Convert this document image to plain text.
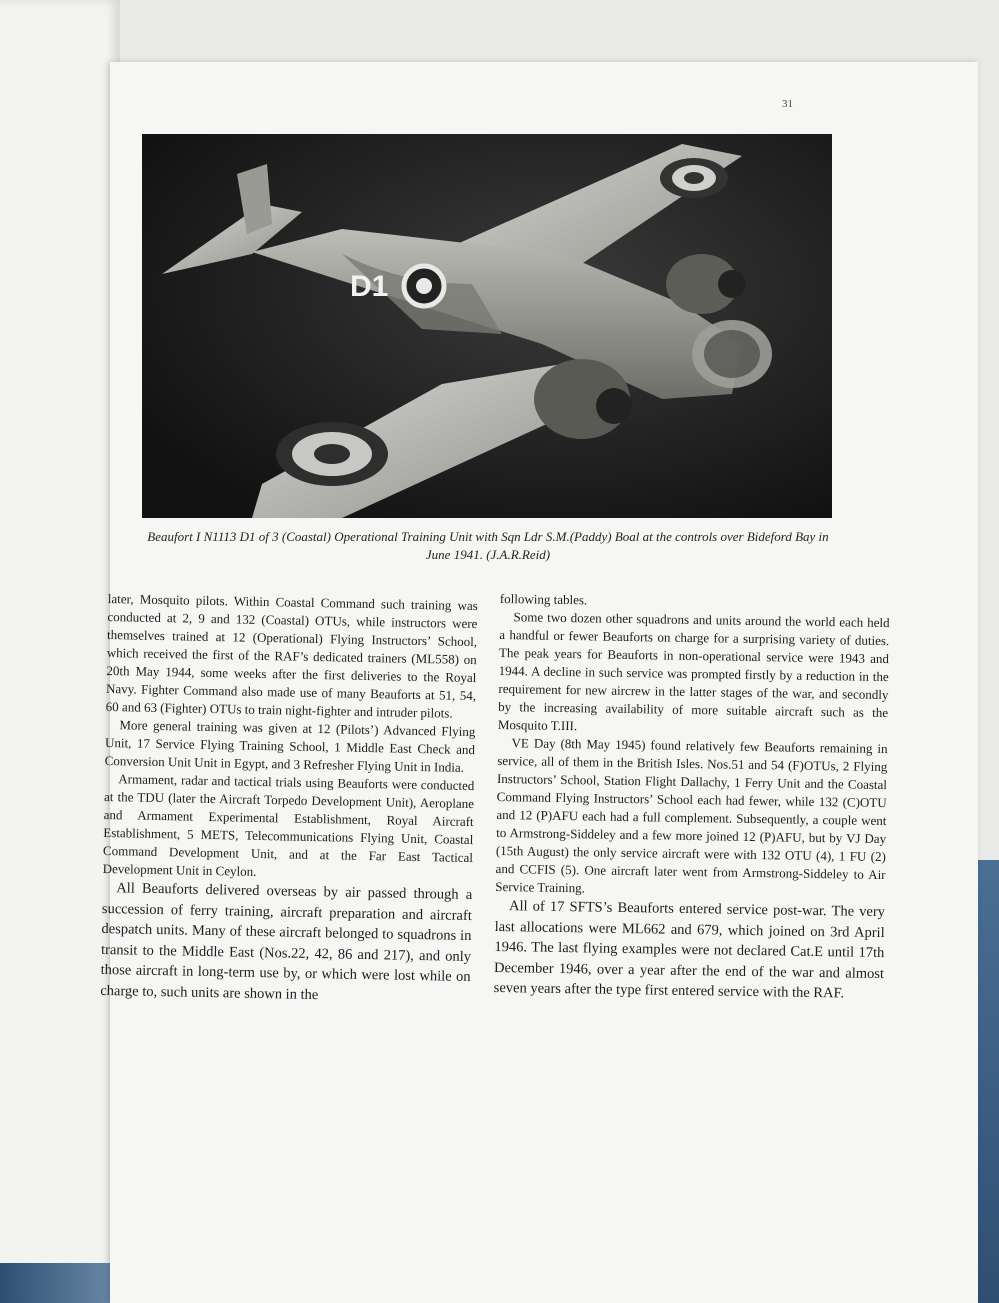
31
D1
Beaufort I N1113 D1 of 3 (Coastal) Operational Training Unit with Sqn Ldr S.M.(Paddy) Boal at the controls over Bideford Bay in June 1941. (J.A.R.Reid)

later, Mosquito pilots. Within Coastal Command such training was conducted at 2, 9 and 132 (Coastal) OTUs, while instructors were themselves trained at 12 (Operational) Flying Instructors’ School, which received the first of the RAF’s dedicated trainers (ML558) on 20th May 1944, some weeks after the first deliveries to the Royal Navy. Fighter Command also made use of many Beauforts at 51, 54, 60 and 63 (Fighter) OTUs to train night-fighter and intruder pilots.

More general training was given at 12 (Pilots’) Advanced Flying Unit, 17 Service Flying Training School, 1 Middle East Check and Conversion Unit Unit in Egypt, and 3 Refresher Flying Unit in India.

Armament, radar and tactical trials using Beauforts were conducted at the TDU (later the Aircraft Torpedo Development Unit), Aeroplane and Armament Experimental Establishment, Royal Aircraft Establishment, 5 METS, Telecommunications Flying Unit, Coastal Command Development Unit, and at the Far East Tactical Development Unit in Ceylon.

All Beauforts delivered overseas by air passed through a succession of ferry training, aircraft preparation and aircraft despatch units. Many of these aircraft belonged to squadrons in transit to the Middle East (Nos.22, 42, 86 and 217), and only those aircraft in long-term use by, or which were lost while on charge to, such units are shown in the

following tables.

Some two dozen other squadrons and units around the world each held a handful or fewer Beauforts on charge for a surprising variety of duties. The peak years for Beauforts in non-operational service were 1943 and 1944. A decline in such service was prompted firstly by a reduction in the requirement for new aircrew in the latter stages of the war, and secondly by the increasing availability of more suitable aircraft such as the Mosquito T.III.

VE Day (8th May 1945) found relatively few Beauforts remaining in service, all of them in the British Isles. Nos.51 and 54 (F)OTUs, 2 Flying Instructors’ School, Station Flight Dallachy, 1 Ferry Unit and the Coastal Command Flying Instructors’ School each had fewer, while 132 (C)OTU and 12 (P)AFU each had a full complement. Subsequently, a couple went to Armstrong-Siddeley and a few more joined 12 (P)AFU, but by VJ Day (15th August) the only service aircraft were with 132 OTU (4), 1 FU (2) and CCFIS (5). One aircraft later went from Armstrong-Siddeley to Air Service Training.

All of 17 SFTS’s Beauforts entered service post-war. The very last allocations were ML662 and 679, which joined on 3rd April 1946. The last flying examples were not declared Cat.E until 17th December 1946, over a year after the end of the war and almost seven years after the type first entered service with the RAF.
